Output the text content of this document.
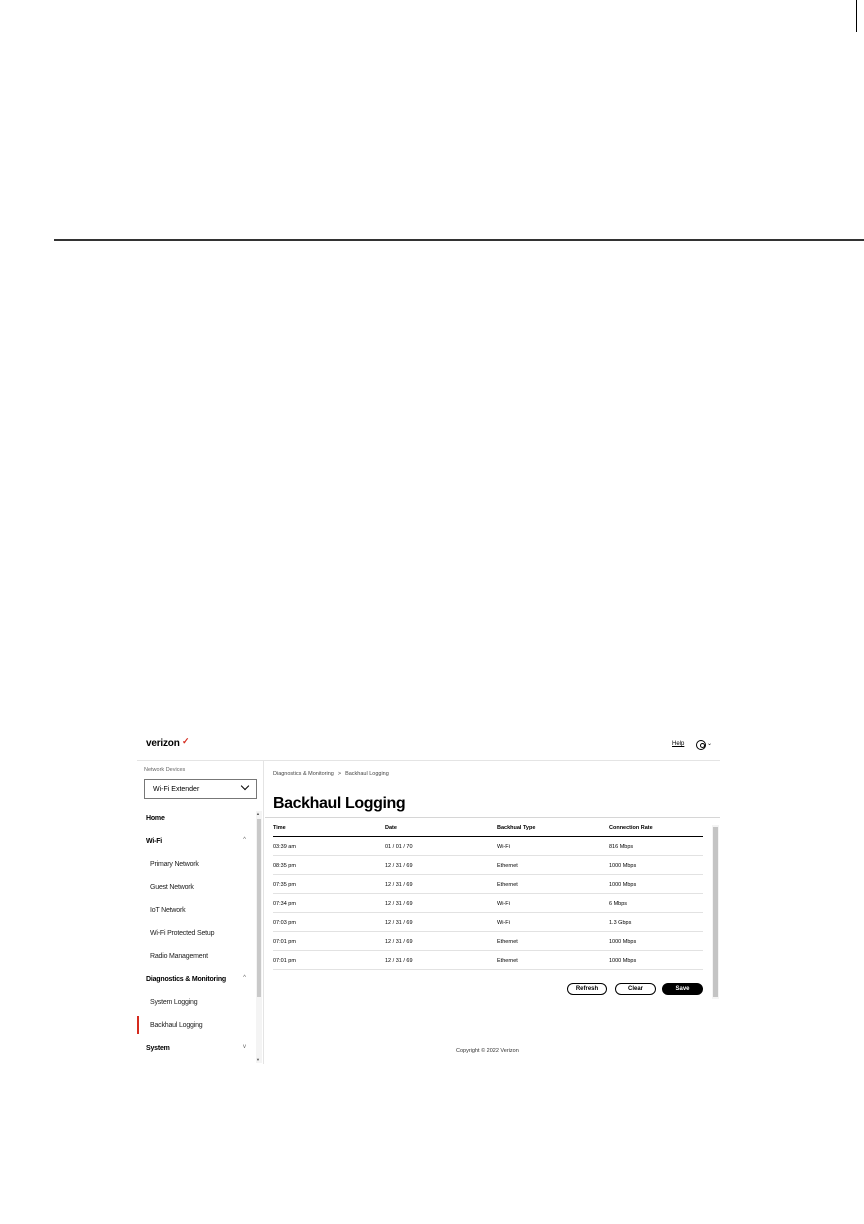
verizon ✓	Help	⌄
Network Devices
Wi-Fi Extender
Home
Wi-Fi	^
Primary Network
Guest Network
IoT Network
Wi-Fi Protected Setup
Radio Management
Diagnostics & Monitoring	^
System Logging
Backhaul Logging
System	v
▲
▼
Diagnostics & Monitoring > Backhaul Logging
Backhaul Logging
Time	Date	Backhual Type	Connection Rate
03:39 am	01 / 01 / 70	Wi-Fi	816 Mbps
08:35 pm	12 / 31 / 69	Ethernet	1000 Mbps
07:35 pm	12 / 31 / 69	Ethernet	1000 Mbps
07:34 pm	12 / 31 / 69	Wi-Fi	6 Mbps
07:03 pm	12 / 31 / 69	Wi-Fi	1.3 Gbps
07:01 pm	12 / 31 / 69	Ethernet	1000 Mbps
07:01 pm	12 / 31 / 69	Ethernet	1000 Mbps
Refresh	Clear	Save
Copyright © 2022 Verizon
